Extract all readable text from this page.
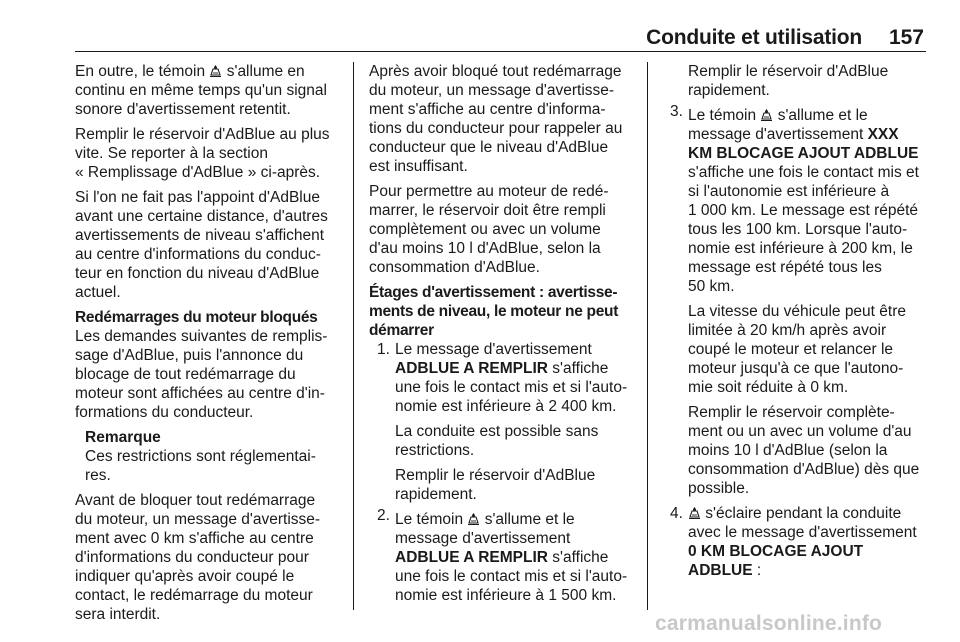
Conduite et utilisation 157

En outre, le témoin  s'allume en
continu en même temps qu'un signal
sonore d'avertissement retentit.

Remplir le réservoir d'AdBlue au plus
vite. Se reporter à la section
« Remplissage d'AdBlue » ci-après.

Si l'on ne fait pas l'appoint d'AdBlue
avant une certaine distance, d'autres
avertissements de niveau s'affichent
au centre d'informations du conduc-
teur en fonction du niveau d'AdBlue
actuel.

Redémarrages du moteur bloqués

Les demandes suivantes de remplis-
sage d'AdBlue, puis l'annonce du
blocage de tout redémarrage du
moteur sont affichées au centre d'in-
formations du conducteur.

Remarque
Ces restrictions sont réglementai-
res.

Avant de bloquer tout redémarrage
du moteur, un message d'avertisse-
ment avec 0 km s'affiche au centre
d'informations du conducteur pour
indiquer qu'après avoir coupé le
contact, le redémarrage du moteur
sera interdit.

Après avoir bloqué tout redémarrage
du moteur, un message d'avertisse-
ment s'affiche au centre d'informa-
tions du conducteur pour rappeler au
conducteur que le niveau d'AdBlue
est insuffisant.

Pour permettre au moteur de redé-
marrer, le réservoir doit être rempli
complètement ou avec un volume
d'au moins 10 l d'AdBlue, selon la
consommation d'AdBlue.

Étages d'avertissement : avertisse-
ments de niveau, le moteur ne peut
démarrer
1. Le message d'avertissement
ADBLUE A REMPLIR s'affiche
une fois le contact mis et si l'auto-
nomie est inférieure à 2 400 km.
La conduite est possible sans
restrictions.
Remplir le réservoir d'AdBlue
rapidement.
2. Le témoin  s'allume et le
message d'avertissement
ADBLUE A REMPLIR s'affiche
une fois le contact mis et si l'auto-
nomie est inférieure à 1 500 km.
Remplir le réservoir d'AdBlue
rapidement.
3. Le témoin  s'allume et le
message d'avertissement XXX
KM BLOCAGE AJOUT ADBLUE
s'affiche une fois le contact mis et
si l'autonomie est inférieure à
1 000 km. Le message est répété
tous les 100 km. Lorsque l'auto-
nomie est inférieure à 200 km, le
message est répété tous les
50 km.
La vitesse du véhicule peut être
limitée à 20 km/h après avoir
coupé le moteur et relancer le
moteur jusqu'à ce que l'autono-
mie soit réduite à 0 km.
Remplir le réservoir complète-
ment ou un avec un volume d'au
moins 10 l d'AdBlue (selon la
consommation d'AdBlue) dès que
possible.
4.	s'éclaire pendant la conduite
avec le message d'avertissement
0 KM BLOCAGE AJOUT
ADBLUE :
carmanualsonline.info
